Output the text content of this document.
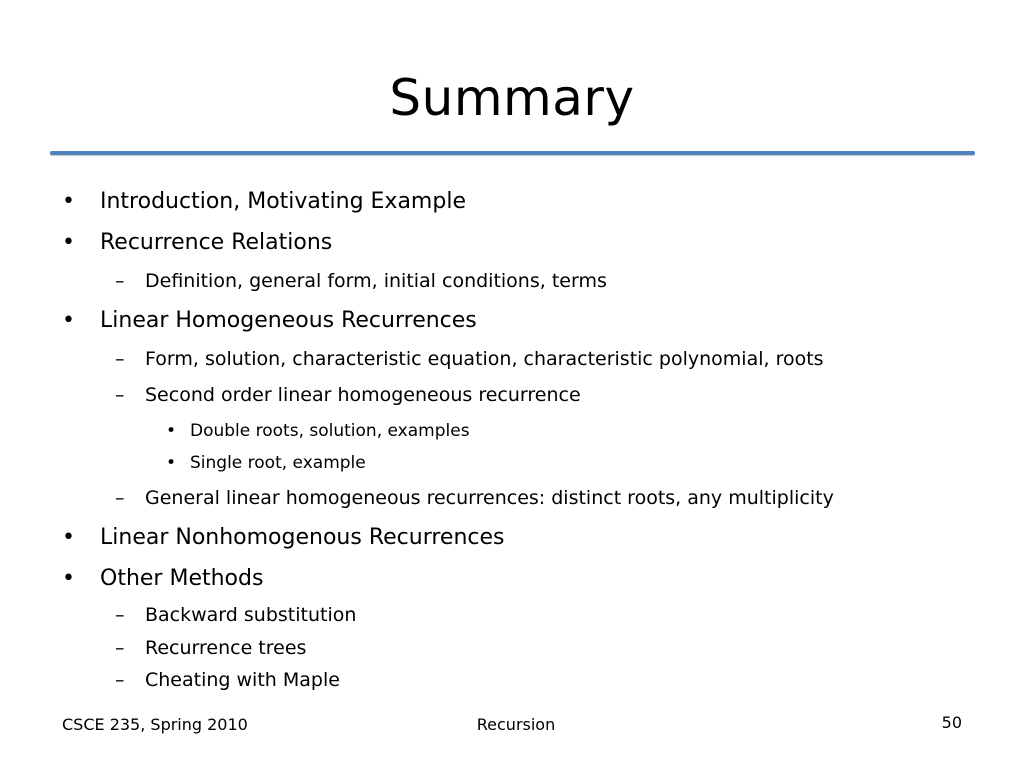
Summary
• Introduction, Motivating Example
• Recurrence Relations
– Definition, general form, initial conditions, terms
• Linear Homogeneous Recurrences
– Form, solution, characteristic equation, characteristic polynomial, roots
– Second order linear homogeneous recurrence
• Double roots, solution, examples
• Single root, example
– General linear homogeneous recurrences: distinct roots, any multiplicity
• Linear Nonhomogenous Recurrences
• Other Methods
– Backward substitution
– Recurrence trees
– Cheating with Maple
CSCE 235, Spring 2010	Recursion	50
